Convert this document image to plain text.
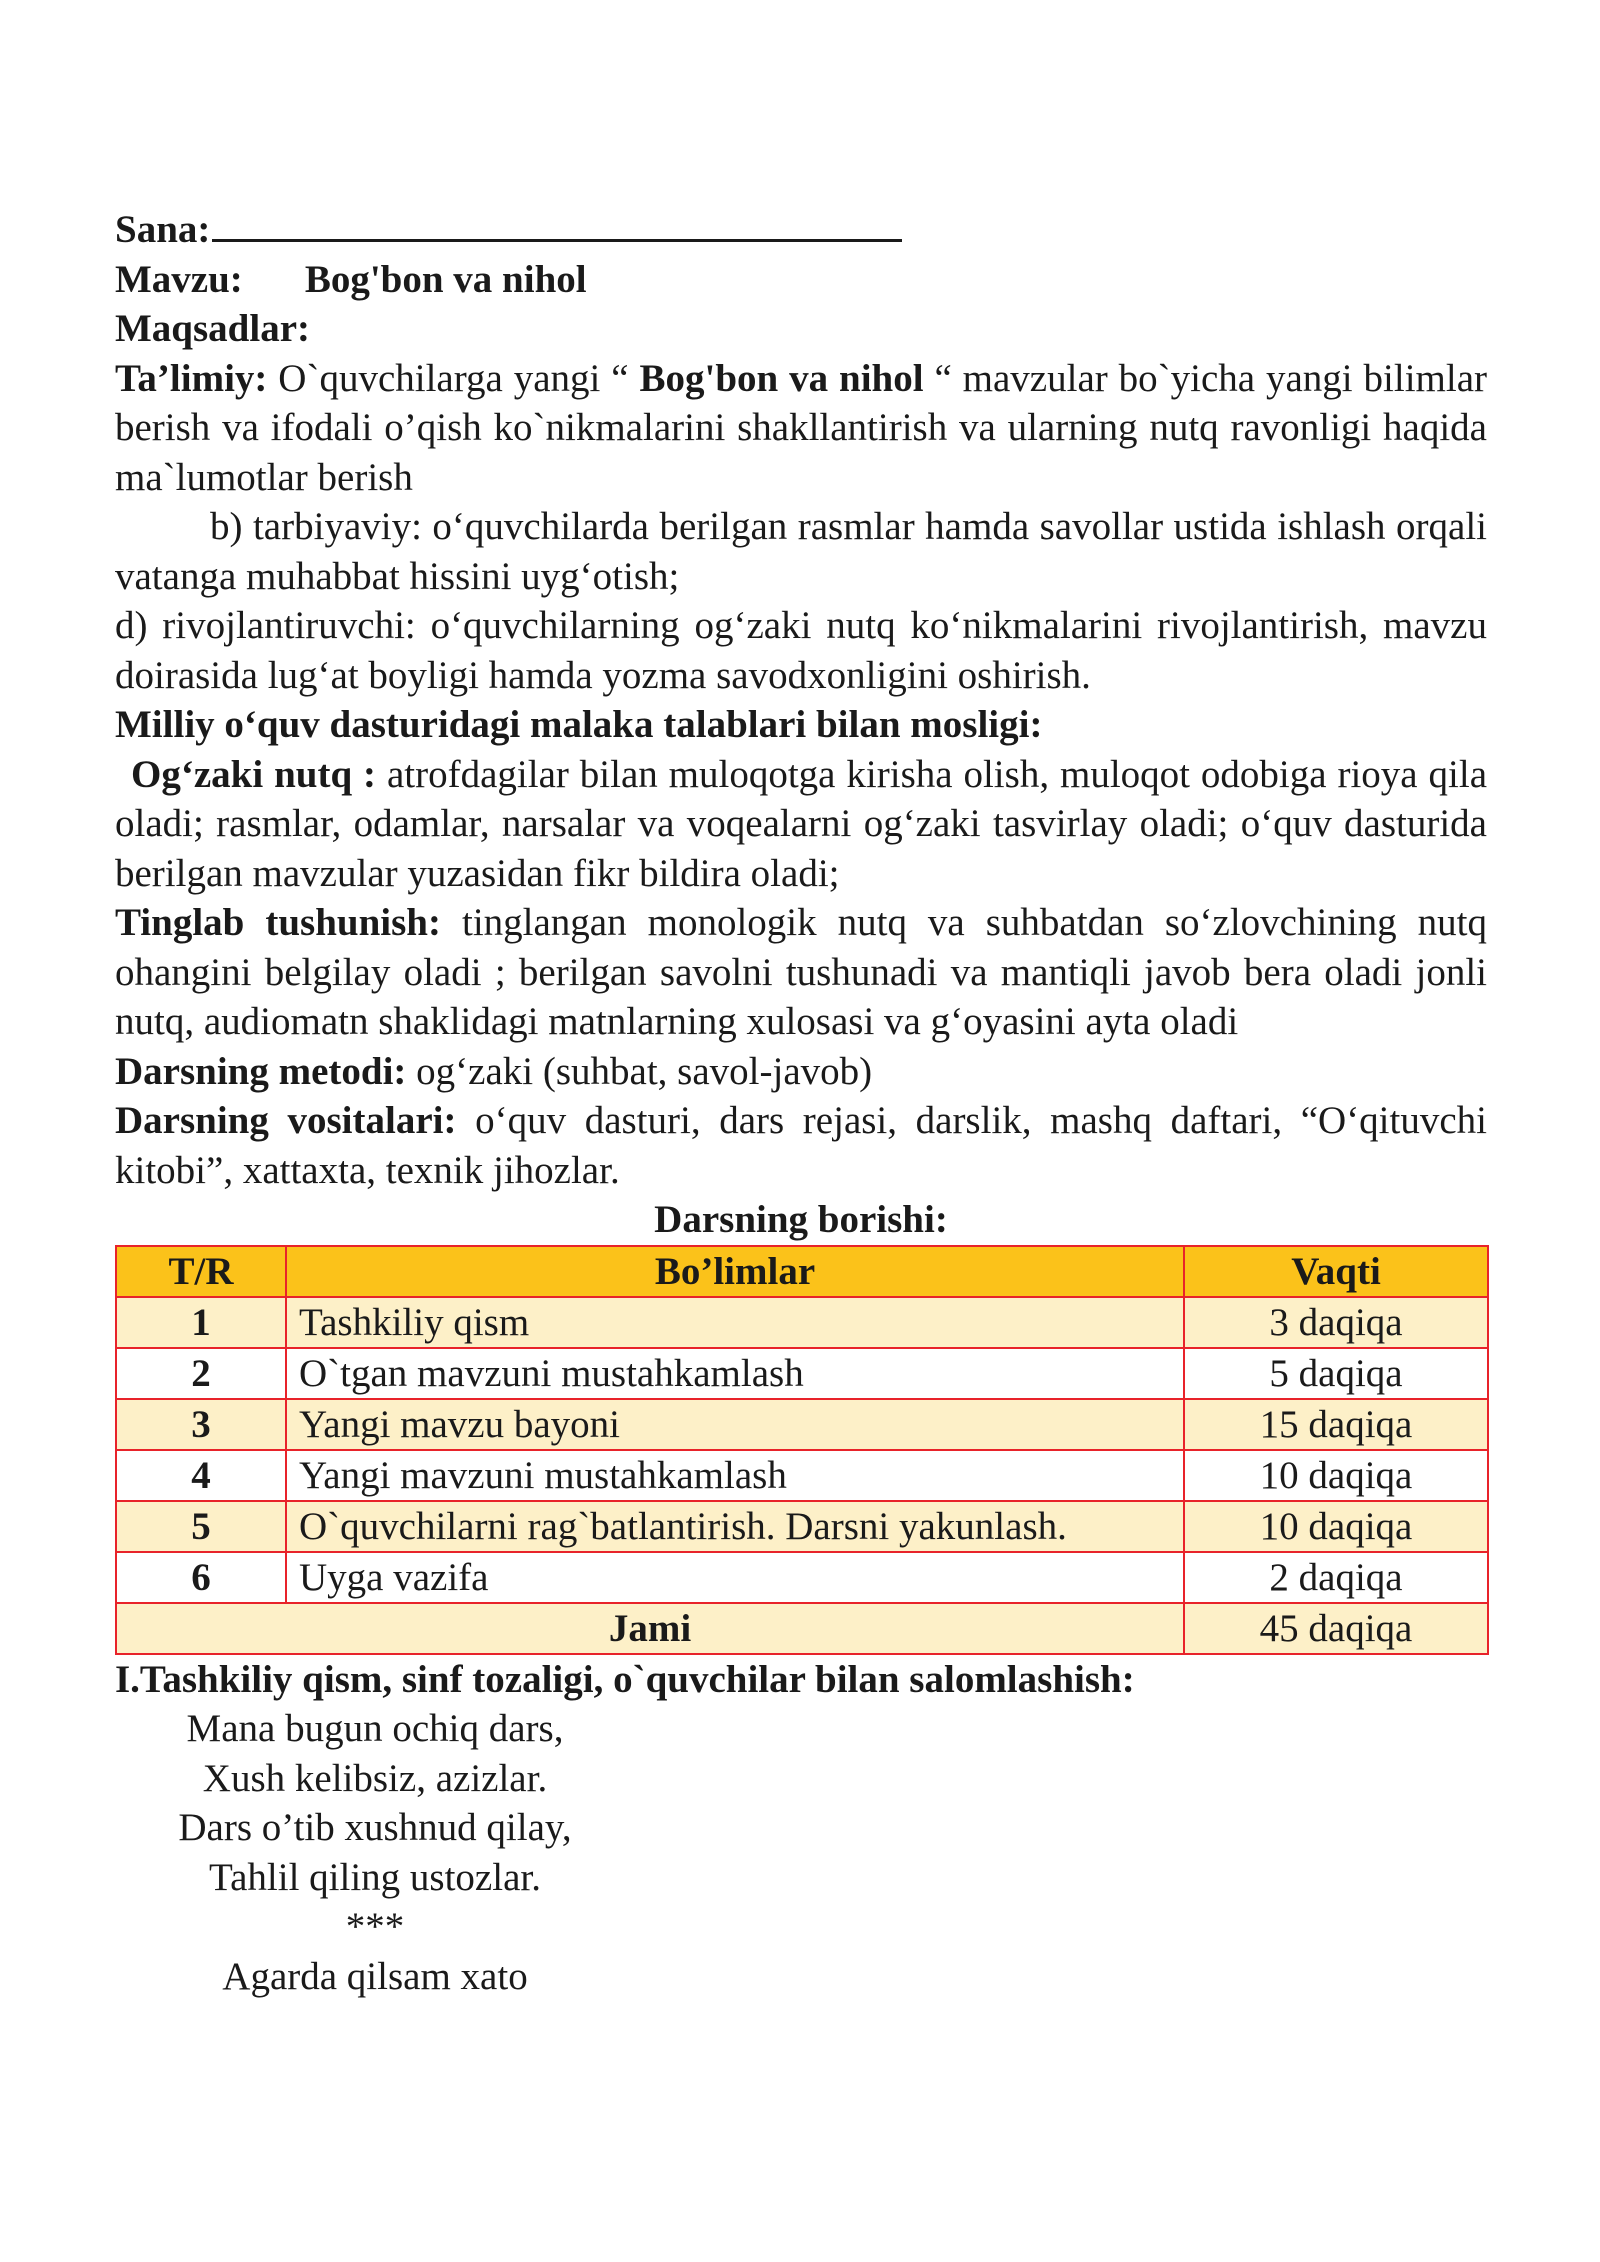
Sana:

Mavzu: Bog'bon va nihol

Maqsadlar:

Ta’limiy: O`quvchilarga yangi “ Bog'bon va nihol “ mavzular bo`yicha yangi bilimlar berish va ifodali o’qish ko`nikmalarini shakllantirish va ularning nutq ravonligi haqida ma`lumotlar berish

b) tarbiyaviy: o‘quvchilarda berilgan rasmlar hamda savollar ustida ishlash orqali vatanga muhabbat hissini uyg‘otish;

d) rivojlantiruvchi: o‘quvchilarning og‘zaki nutq ko‘nikmalarini rivojlantirish, mavzu doirasida lug‘at boyligi hamda yozma savodxonligini oshirish.

Milliy o‘quv dasturidagi malaka talablari bilan mosligi:

Og‘zaki nutq : atrofdagilar bilan muloqotga kirisha olish, muloqot odobiga rioya qila oladi; rasmlar, odamlar, narsalar va voqealarni og‘zaki tasvirlay oladi; o‘quv dasturida berilgan mavzular yuzasidan fikr bildira oladi;

Tinglab tushunish: tinglangan monologik nutq va suhbatdan so‘zlovchining nutq ohangini belgilay oladi ; berilgan savolni tushunadi va mantiqli javob bera oladi jonli nutq, audiomatn shaklidagi matnlarning xulosasi va g‘oyasini ayta oladi

Darsning metodi: og‘zaki (suhbat, savol-javob)

Darsning vositalari: o‘quv dasturi, dars rejasi, darslik, mashq daftari, “O‘qituvchi kitobi”, xattaxta, texnik jihozlar.

Darsning borishi:

T/R	Bo’limlar	Vaqti
1	Tashkiliy qism	3 daqiqa
2	O`tgan mavzuni mustahkamlash	5 daqiqa
3	Yangi mavzu bayoni	15 daqiqa
4	Yangi mavzuni mustahkamlash	10 daqiqa
5	O`quvchilarni rag`batlantirish. Darsni yakunlash.	10 daqiqa
6	Uyga vazifa	2 daqiqa
Jami		45 daqiqa

I.Tashkiliy qism, sinf tozaligi, o`quvchilar bilan salomlashish:

Mana bugun ochiq dars,

Xush kelibsiz, azizlar.

Dars o’tib xushnud qilay,

Tahlil qiling ustozlar.

***

Agarda qilsam xato
